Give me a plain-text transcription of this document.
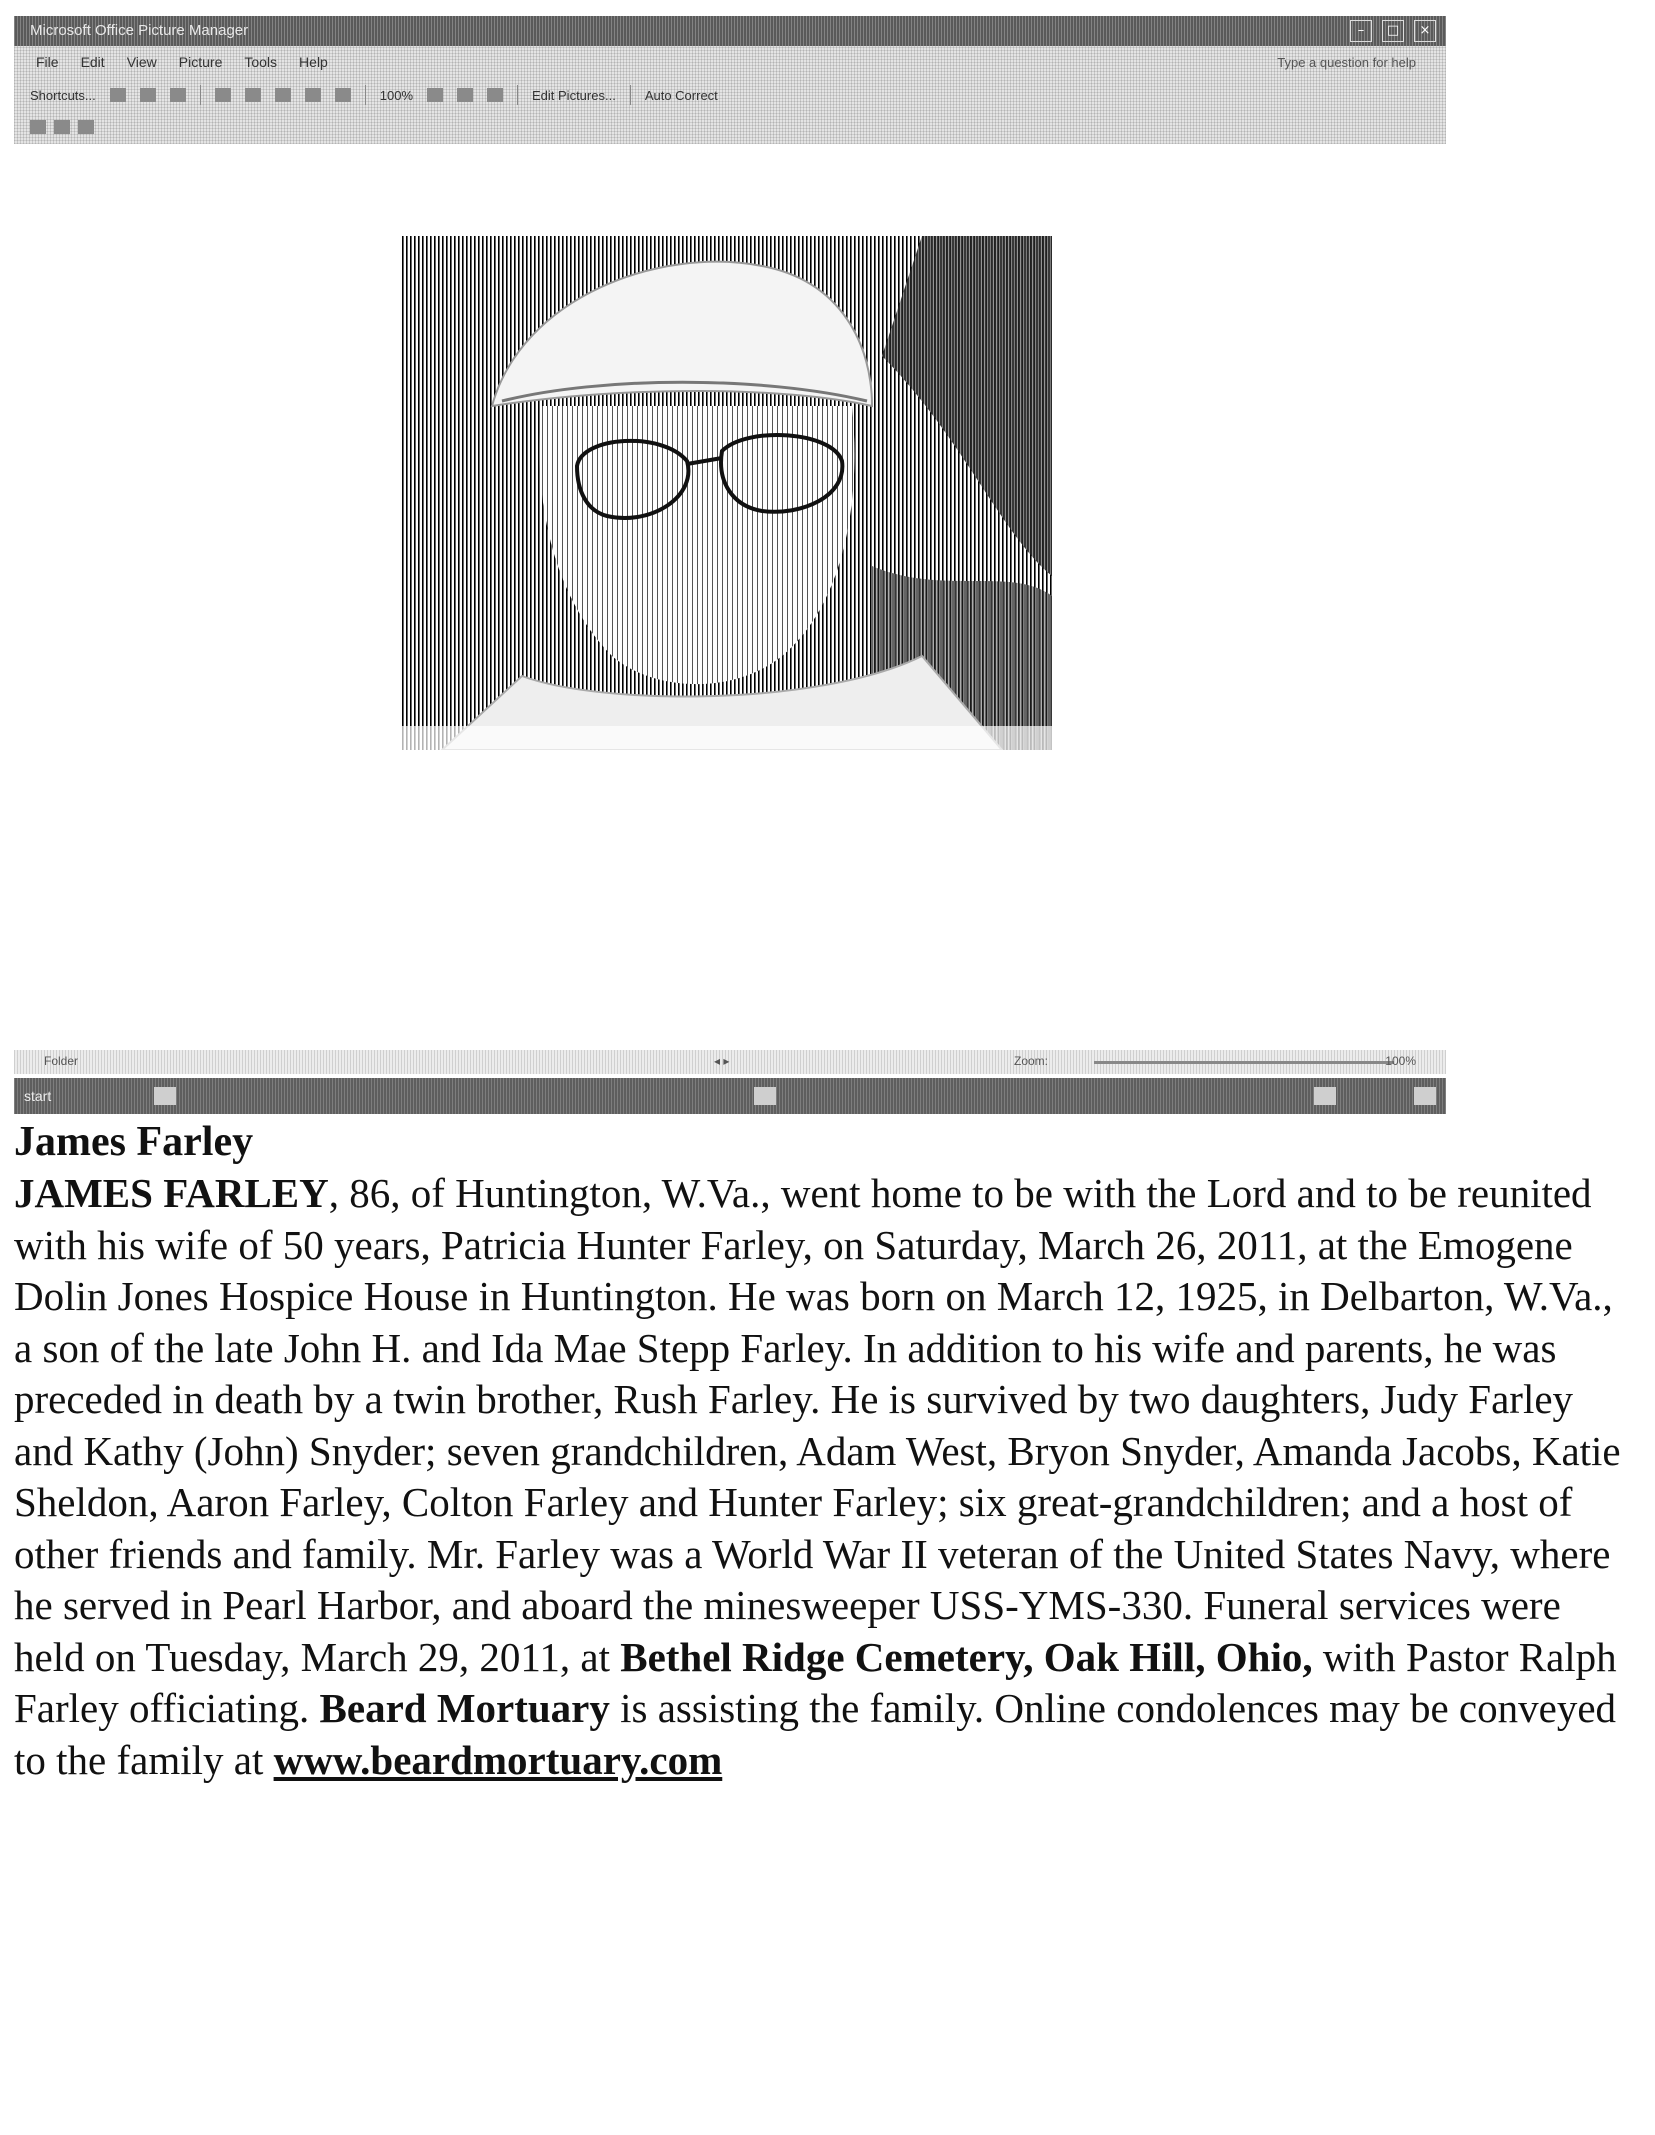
Microsoft Office Picture Manager	–	□	×
File Edit View Picture Tools Help	Type a question for help
Shortcuts...	100%	Edit Pictures... Auto Correct
Folder	◂ ▸	Zoom:	100%
start

James Farley

JAMES FARLEY, 86, of Huntington, W.Va., went home to be with the Lord and to be reunited with his wife of 50 years, Patricia Hunter Farley, on Saturday, March 26, 2011, at the Emogene Dolin Jones Hospice House in Huntington. He was born on March 12, 1925, in Delbarton, W.Va., a son of the late John H. and Ida Mae Stepp Farley. In addition to his wife and parents, he was preceded in death by a twin brother, Rush Farley. He is survived by two daughters, Judy Farley and Kathy (John) Snyder; seven grandchildren, Adam West, Bryon Snyder, Amanda Jacobs, Katie Sheldon, Aaron Farley, Colton Farley and Hunter Farley; six great-grandchildren; and a host of other friends and family. Mr. Farley was a World War II veteran of the United States Navy, where he served in Pearl Harbor, and aboard the minesweeper USS-YMS-330. Funeral services were held on Tuesday, March 29, 2011, at Bethel Ridge Cemetery, Oak Hill, Ohio, with Pastor Ralph Farley officiating. Beard Mortuary is assisting the family. Online condolences may be conveyed to the family at www.beardmortuary.com
